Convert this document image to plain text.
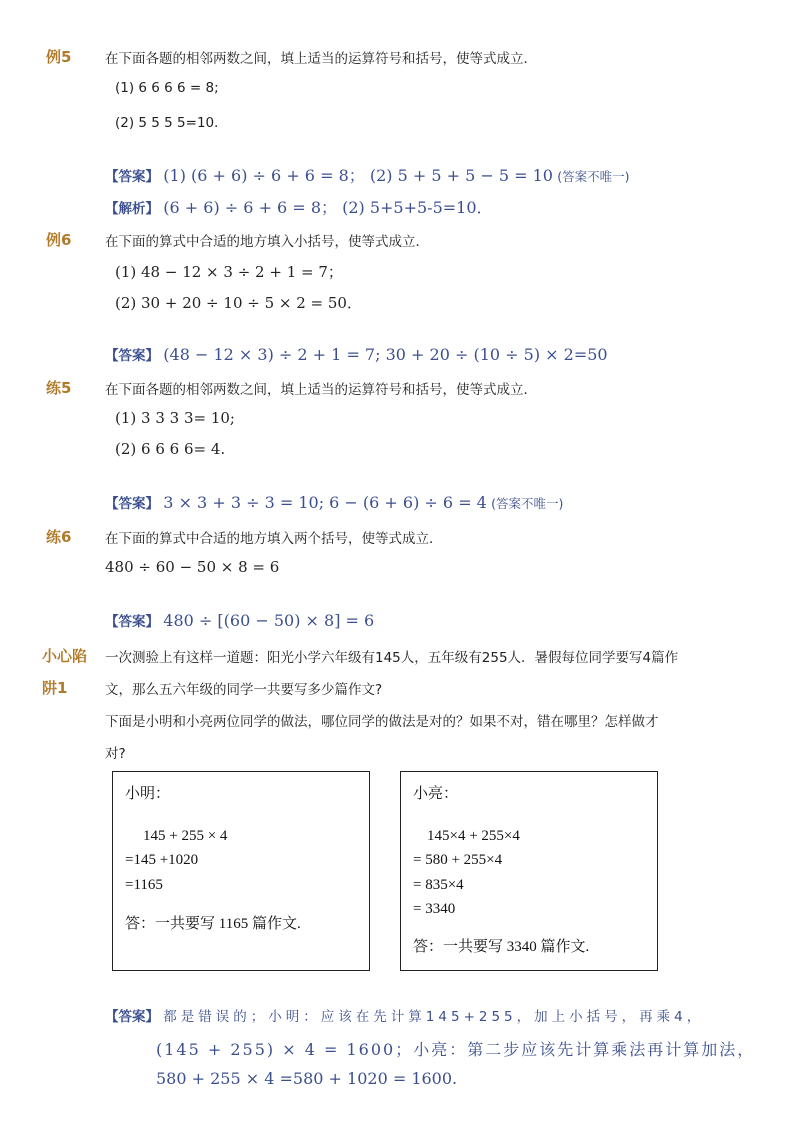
例5 在下面各题的相邻两数之间，填上适当的运算符号和括号，使等式成立．
(1) 6 6 6 6 = 8;
(2) 5 5 5 5=10．
【答案】 (1) (6 + 6) ÷ 6 + 6 = 8； (2) 5 + 5 + 5 − 5 = 10 (答案不唯一)
【解析】 (6 + 6) ÷ 6 + 6 = 8； (2) 5+5+5-5=10．
例6 在下面的算式中合适的地方填入小括号，使等式成立．
(1) 48 − 12 × 3 ÷ 2 + 1 = 7；
(2) 30 + 20 ÷ 10 ÷ 5 × 2 = 50．
【答案】 (48 − 12 × 3) ÷ 2 + 1 = 7; 30 + 20 ÷ (10 ÷ 5) × 2=50
练5 在下面各题的相邻两数之间，填上适当的运算符号和括号，使等式成立．
(1) 3 3 3 3= 10;
(2) 6 6 6 6= 4.
【答案】 3 × 3 + 3 ÷ 3 = 10; 6 − (6 + 6) ÷ 6 = 4 (答案不唯一)
练6 在下面的算式中合适的地方填入两个括号，使等式成立．
480 ÷ 60 − 50 × 8 = 6
【答案】 480 ÷ [(60 − 50) × 8] = 6
小心陷
阱1
一次测验上有这样一道题：阳光小学六年级有145人，五年级有255人．暑假每位同学要写4篇作
文，那么五六年级的同学一共要写多少篇作文?
下面是小明和小亮两位同学的做法，哪位同学的做法是对的？如果不对，错在哪里？怎样做才
对?
小明：
145 + 255 × 4
=145 +1020
=1165
答：一共要写 1165 篇作文.
小亮：
145×4 + 255×4
= 580 + 255×4
= 835×4
= 3340
答：一共要写 3340 篇作文.
【答案】 都是错误的；小明：应该在先计算145+255，加上小括号，再乘4，
(145 + 255) × 4 = 1600；小亮：第二步应该先计算乘法再计算加法，
580 + 255 × 4 =580 + 1020 = 1600.
